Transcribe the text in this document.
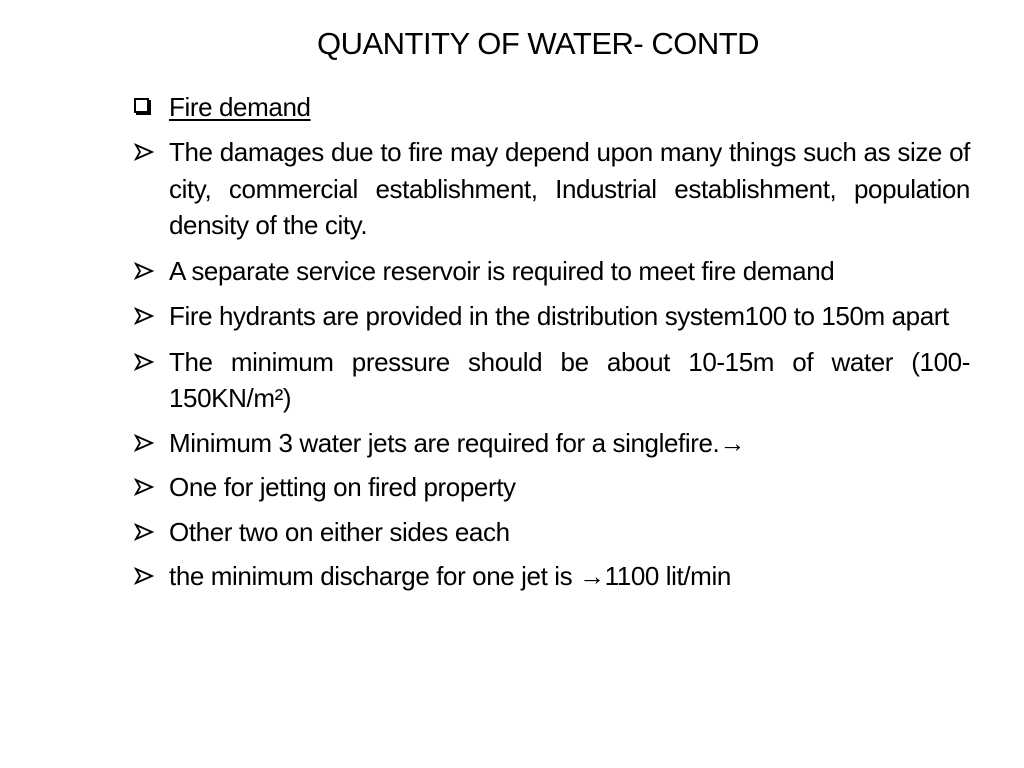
QUANTITY OF WATER- CONTD
Fire demand
The damages due to fire may depend upon many things such as size of city, commercial establishment, Industrial establishment, population density of the city.
A separate service reservoir is required to meet fire demand
Fire hydrants are provided in the distribution system100 to 150m apart
The minimum pressure should be about 10-15m of water (100-150KN/m²)
Minimum 3 water jets are required for a singlefire.→
One for jetting on fired property
Other two on either sides each
the minimum discharge for one jet is →1100 lit/min
